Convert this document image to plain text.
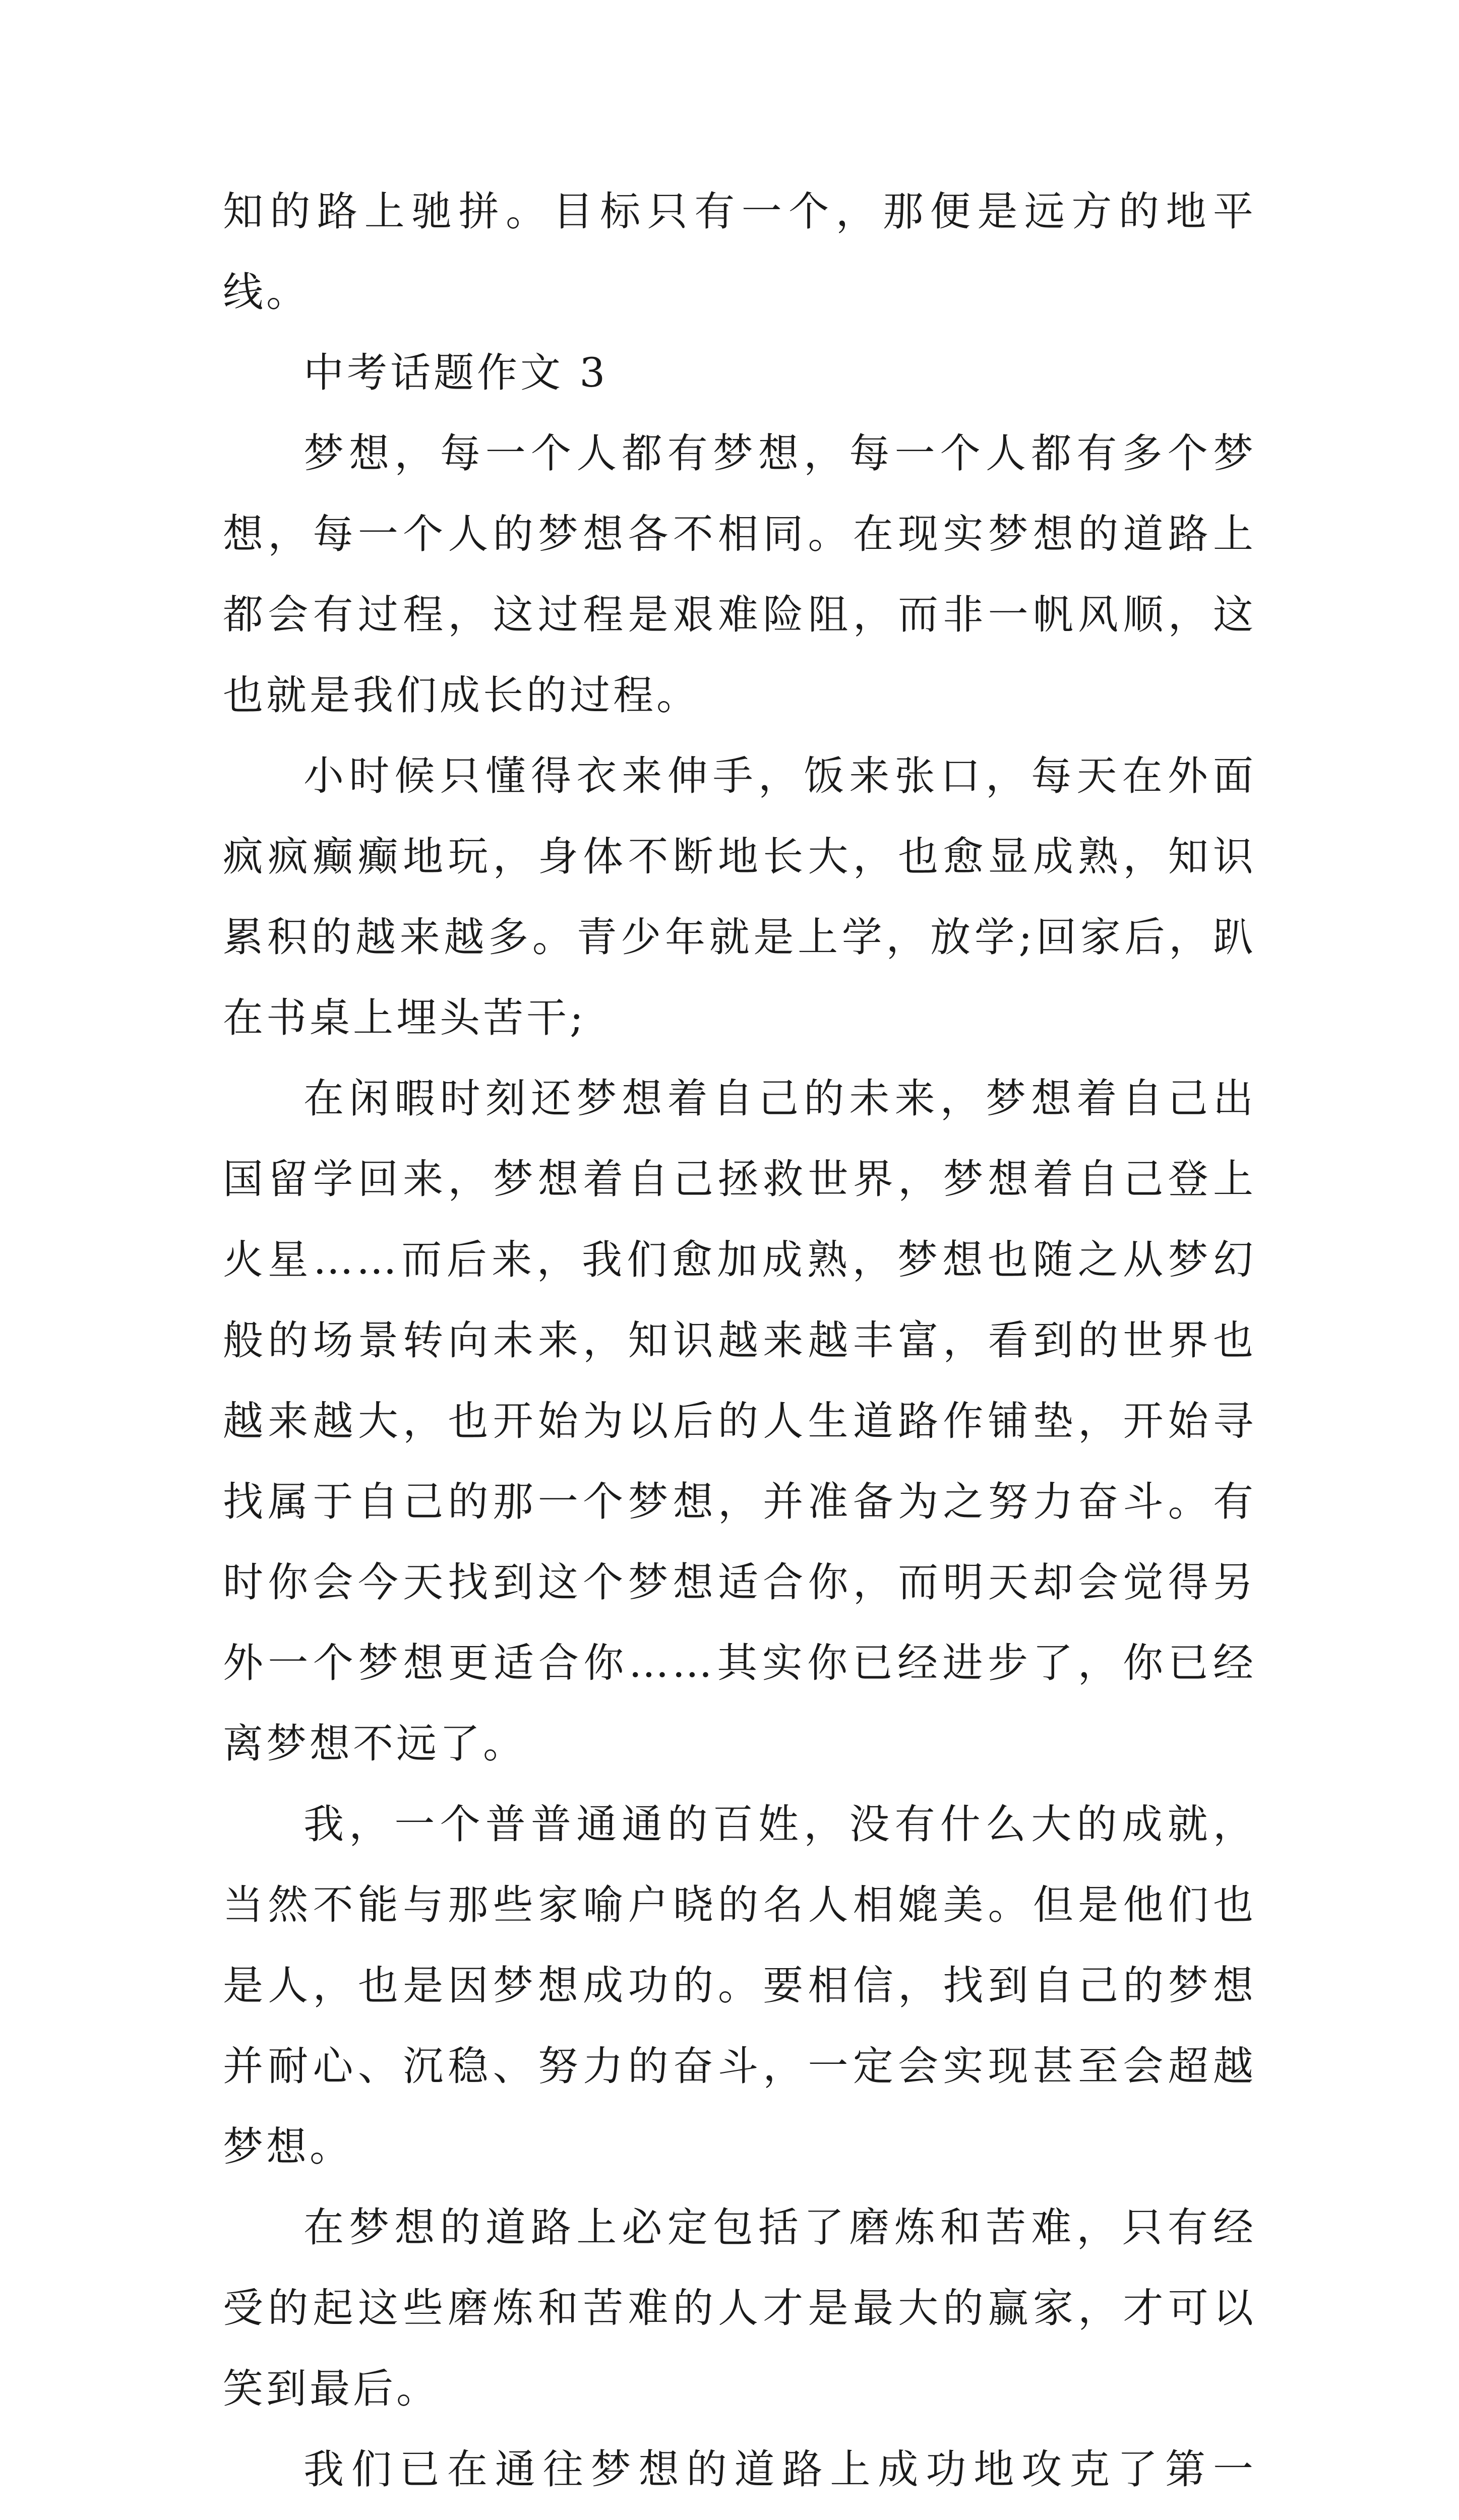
知的路上驰拼。目标只有一个，那便是远方的地平线。

中考话题作文 3

梦想，每一个人都有梦想，每一个人都有多个梦想，每一个人的梦想各不相同。在现实梦想的道路上都会有过程，这过程是艰难险阻，而非一帆风顺，这也就是我们成长的过程。

小时候只懂得衣来伸手，饭来张口，每天在外面疯疯癫癫地玩，身体不断地长大，也愈显成熟，知识累积的越来越多。青少年就是上学，放学;回家后，趴在书桌上埋头苦干;

在闲暇时刻还梦想着自己的未来，梦想着自己出国留学回来，梦想着自己拯救世界，梦想着自己登上火星……而后来，我们愈加成熟，梦想也随之从梦幻般的场景转向未来，知识越来越丰富，看到的世界也越来越大，也开始为以后的人生道路作铺垫，开始寻找属于自己的那一个梦想，并准备为之努力奋斗。有时你会今天找到这个梦想适合你，而明天却会觉得另外一个梦想更适合你……其实你已经进步了，你已经离梦想不远了。

我，一个普普通通的百姓，没有什么大的成就，当然不能与那些家喻户晓的名人相媲美。但是他们也是人，也是因梦想成功的。要相信，找到自己的梦想并耐心、沉稳、努力的奋斗，一定会实现甚至会超越梦想。

在梦想的道路上必定包括了磨炼和苦难，只有经受的起这些磨炼和苦难的人才是最大的赢家，才可以笑到最后。

我们已在通往梦想的道路上成功地攻克了第一
